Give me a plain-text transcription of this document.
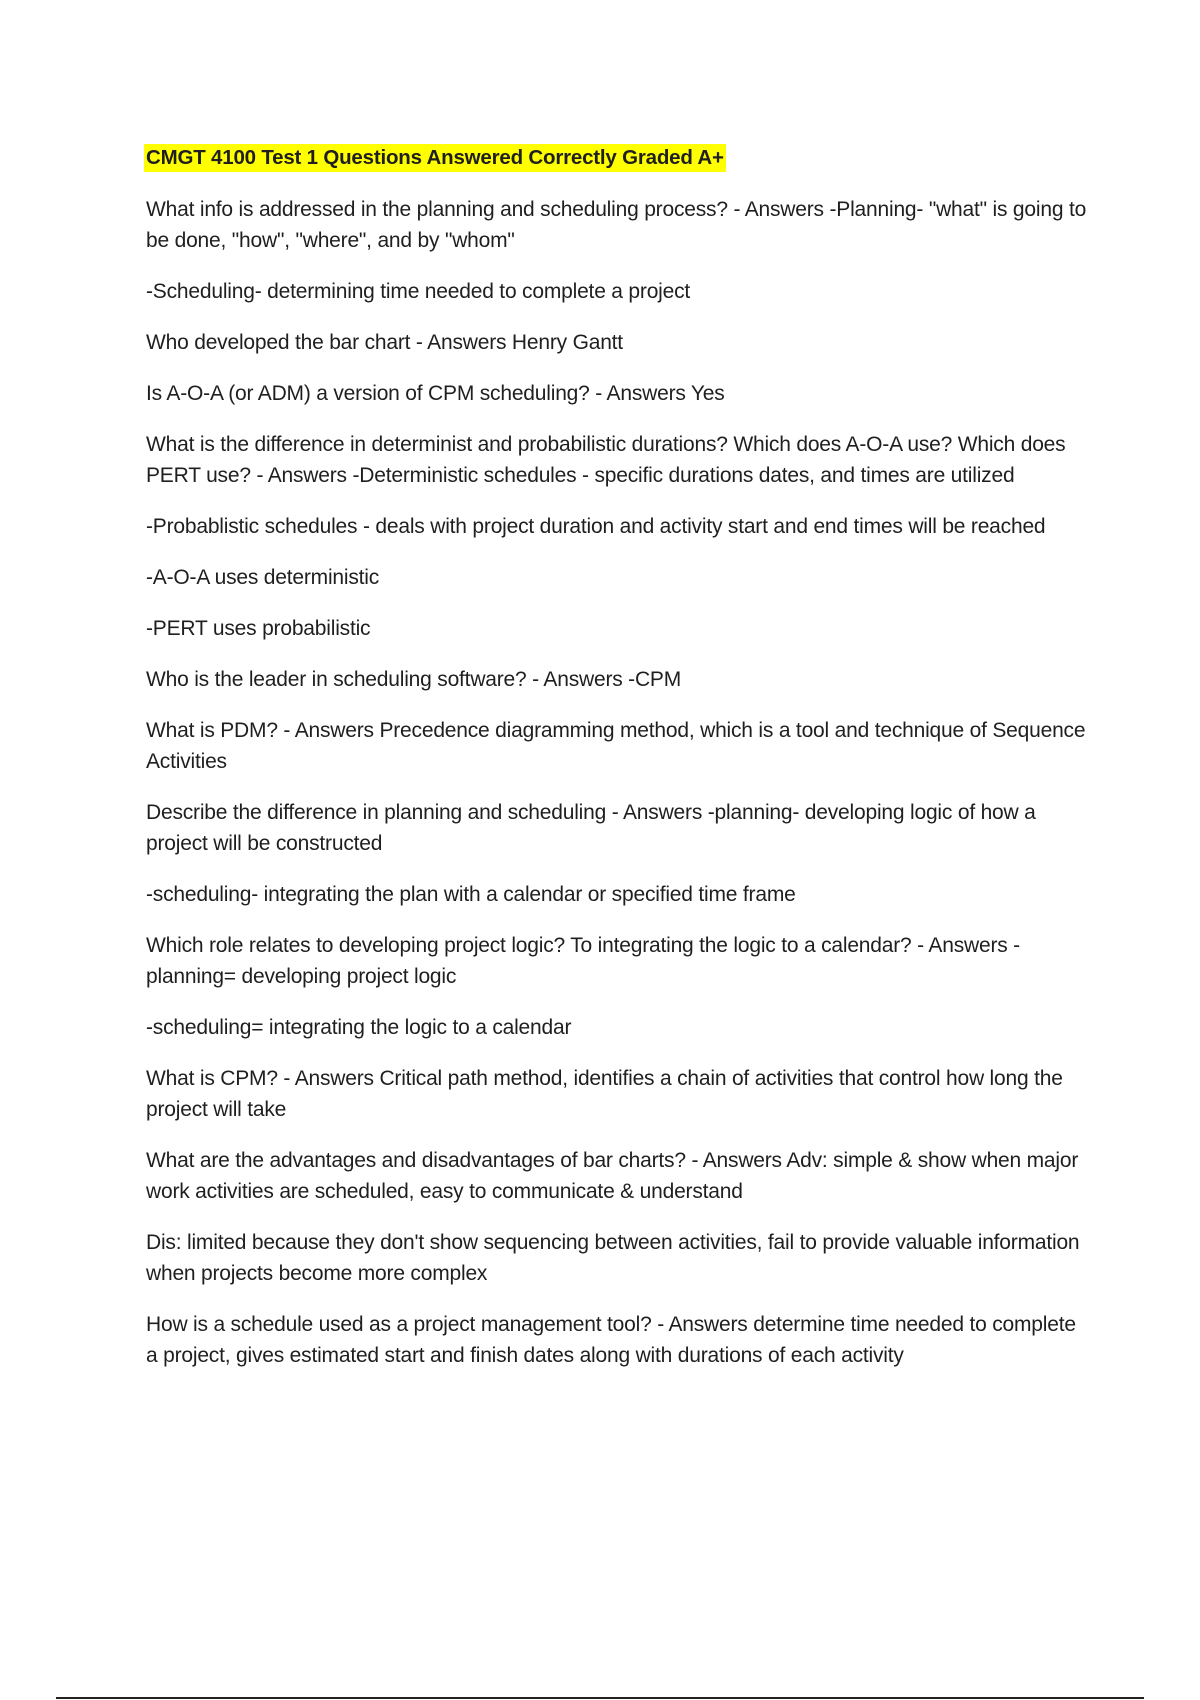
CMGT 4100 Test 1 Questions Answered Correctly Graded A+

What info is addressed in the planning and scheduling process? - Answers -Planning- "what" is going to be done, "how", "where", and by "whom"

-Scheduling- determining time needed to complete a project

Who developed the bar chart - Answers Henry Gantt

Is A-O-A (or ADM) a version of CPM scheduling? - Answers Yes

What is the difference in determinist and probabilistic durations? Which does A-O-A use? Which does PERT use? - Answers -Deterministic schedules - specific durations dates, and times are utilized

-Probablistic schedules - deals with project duration and activity start and end times will be reached

-A-O-A uses deterministic

-PERT uses probabilistic

Who is the leader in scheduling software? - Answers -CPM

What is PDM? - Answers Precedence diagramming method, which is a tool and technique of Sequence Activities

Describe the difference in planning and scheduling - Answers -planning- developing logic of how a project will be constructed

-scheduling- integrating the plan with a calendar or specified time frame

Which role relates to developing project logic? To integrating the logic to a calendar? - Answers - planning= developing project logic

-scheduling= integrating the logic to a calendar

What is CPM? - Answers Critical path method, identifies a chain of activities that control how long the project will take

What are the advantages and disadvantages of bar charts? - Answers Adv: simple & show when major work activities are scheduled, easy to communicate & understand

Dis: limited because they don't show sequencing between activities, fail to provide valuable information when projects become more complex

How is a schedule used as a project management tool? - Answers determine time needed to complete a project, gives estimated start and finish dates along with durations of each activity
